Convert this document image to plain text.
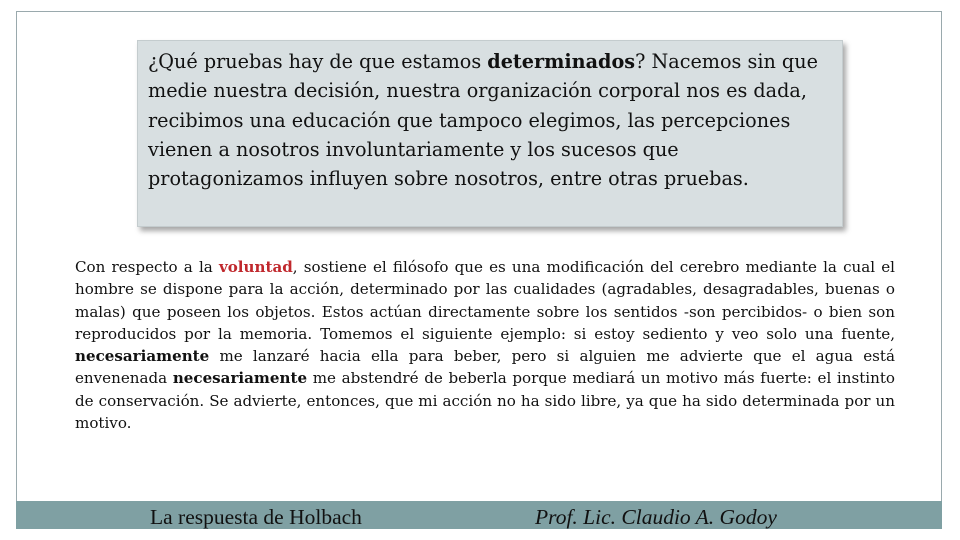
¿Qué pruebas hay de que estamos determinados? Nacemos sin que medie nuestra decisión, nuestra organización corporal nos es dada, recibimos una educación que tampoco elegimos, las percepciones vienen a nosotros involuntariamente y los sucesos que protagonizamos influyen sobre nosotros, entre otras pruebas.
Con respecto a la voluntad, sostiene el filósofo que es una modificación del cerebro mediante la cual el hombre se dispone para la acción, determinado por las cualidades (agradables, desagradables, buenas o malas) que poseen los objetos. Estos actúan directamente sobre los sentidos -son percibidos- o bien son reproducidos por la memoria. Tomemos el siguiente ejemplo: si estoy sediento y veo solo una fuente, necesariamente me lanzaré hacia ella para beber, pero si alguien me advierte que el agua está envenenada necesariamente me abstendré de beberla porque mediará un motivo más fuerte: el instinto de conservación. Se advierte, entonces, que mi acción no ha sido libre, ya que ha sido determinada por un motivo.
La respuesta de Holbach	Prof. Lic. Claudio A. Godoy
